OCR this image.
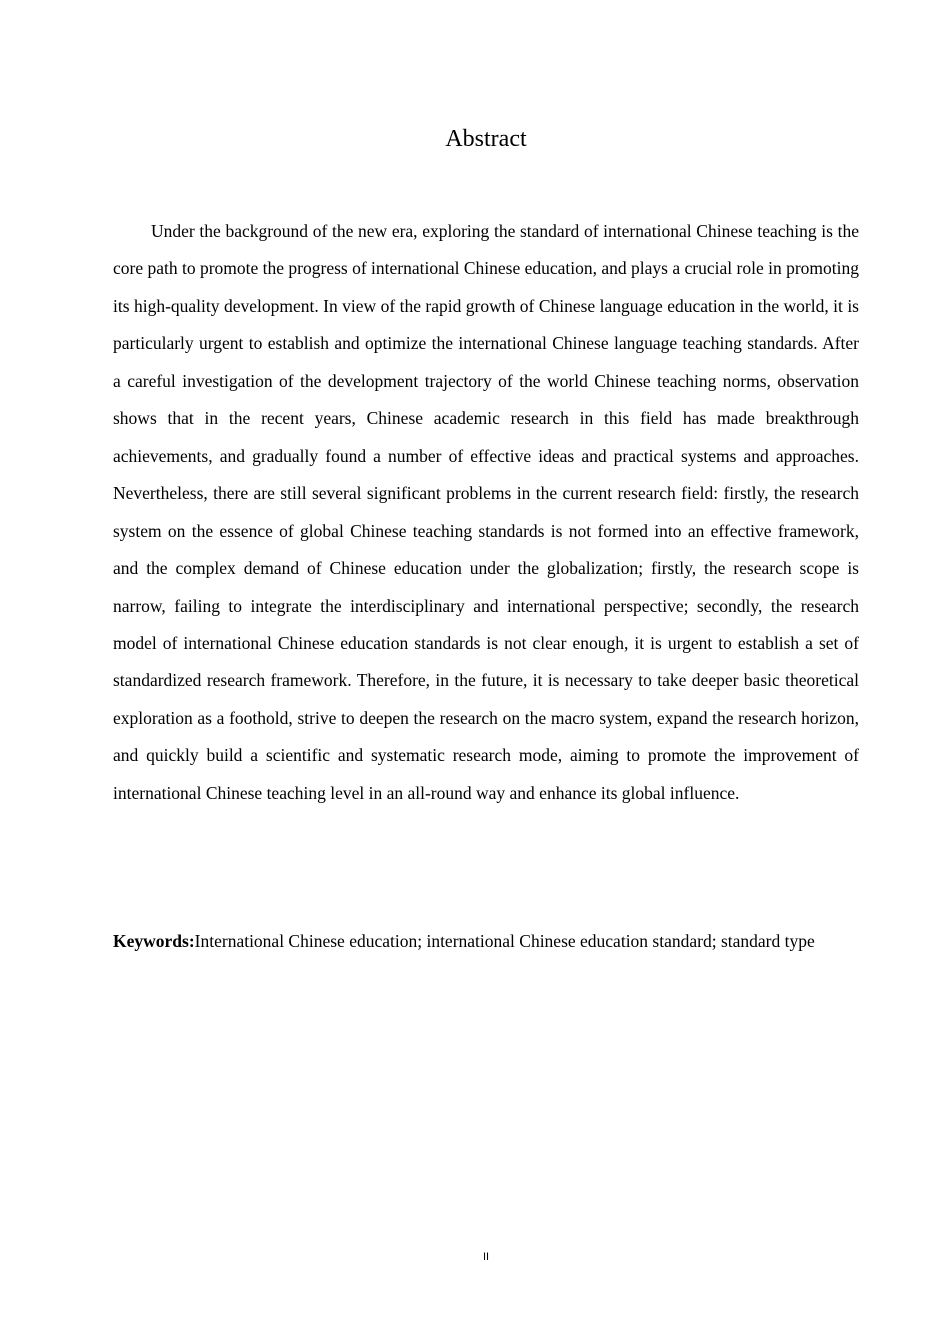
Abstract

Under the background of the new era, exploring the standard of international Chinese teaching is the core path to promote the progress of international Chinese education, and plays a crucial role in promoting its high-quality development. In view of the rapid growth of Chinese language education in the world, it is particularly urgent to establish and optimize the international Chinese language teaching standards. After a careful investigation of the development trajectory of the world Chinese teaching norms, observation shows that in the recent years, Chinese academic research in this field has made breakthrough achievements, and gradually found a number of effective ideas and practical systems and approaches. Nevertheless, there are still several significant problems in the current research field: firstly, the research system on the essence of global Chinese teaching standards is not formed into an effective framework, and the complex demand of Chinese education under the globalization; firstly, the research scope is narrow, failing to integrate the interdisciplinary and international perspective; secondly, the research model of international Chinese education standards is not clear enough, it is urgent to establish a set of standardized research framework. Therefore, in the future, it is necessary to take deeper basic theoretical exploration as a foothold, strive to deepen the research on the macro system, expand the research horizon, and quickly build a scientific and systematic research mode, aiming to promote the improvement of international Chinese teaching level in an all-round way and enhance its global influence.

Keywords:International Chinese education; international Chinese education standard; standard type

II
